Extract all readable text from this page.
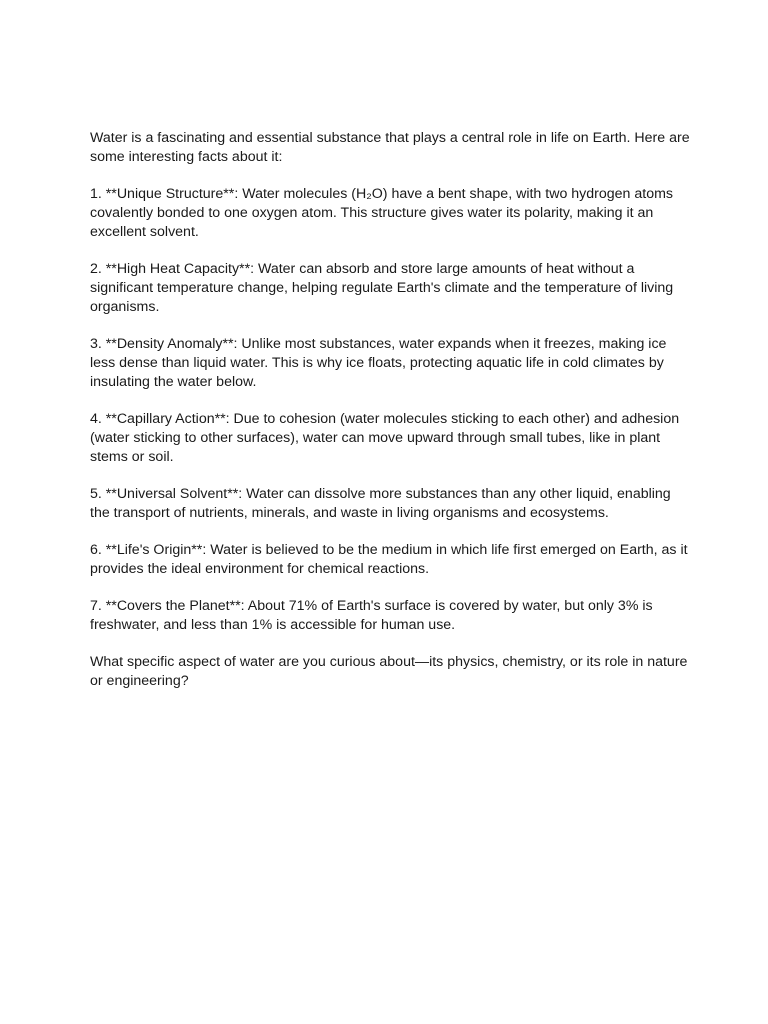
Water is a fascinating and essential substance that plays a central role in life on Earth. Here are some interesting facts about it:

1. **Unique Structure**: Water molecules (H₂O) have a bent shape, with two hydrogen atoms covalently bonded to one oxygen atom. This structure gives water its polarity, making it an excellent solvent.

2. **High Heat Capacity**: Water can absorb and store large amounts of heat without a significant temperature change, helping regulate Earth's climate and the temperature of living organisms.

3. **Density Anomaly**: Unlike most substances, water expands when it freezes, making ice less dense than liquid water. This is why ice floats, protecting aquatic life in cold climates by insulating the water below.

4. **Capillary Action**: Due to cohesion (water molecules sticking to each other) and adhesion (water sticking to other surfaces), water can move upward through small tubes, like in plant stems or soil.

5. **Universal Solvent**: Water can dissolve more substances than any other liquid, enabling the transport of nutrients, minerals, and waste in living organisms and ecosystems.

6. **Life's Origin**: Water is believed to be the medium in which life first emerged on Earth, as it provides the ideal environment for chemical reactions.

7. **Covers the Planet**: About 71% of Earth's surface is covered by water, but only 3% is freshwater, and less than 1% is accessible for human use.

What specific aspect of water are you curious about—its physics, chemistry, or its role in nature or engineering?
